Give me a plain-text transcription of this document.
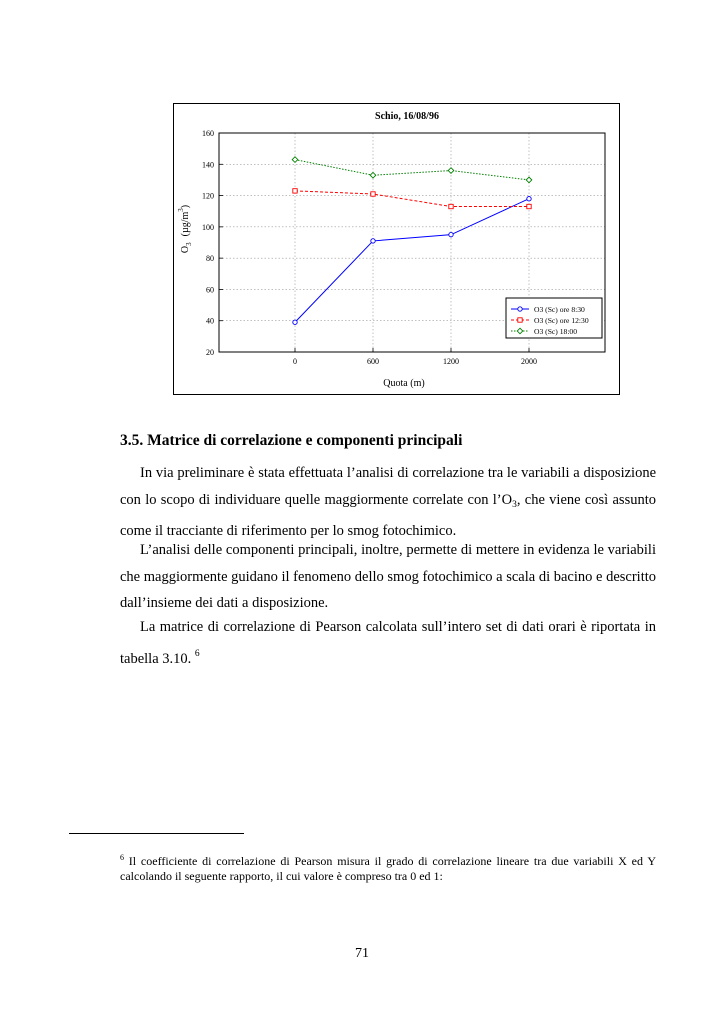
Schio, 16/08/96
20
40
60
80
100
120
140
160
0	600	1200	2000
Quota (m)
$O_3(\mu g/m^3)$
O3 (Sc) ore 8:30
O3 (Sc) ore 12:30
O3 (Sc) 18:00
3.5. Matrice di correlazione e componenti principali

In via preliminare è stata effettuata l’analisi di correlazione tra le variabili a disposizione con lo scopo di individuare quelle maggiormente correlate con $l’O_3$, che viene così assunto come il tracciante di riferimento per lo smog fotochimico.

L’analisi delle componenti principali, inoltre, permette di mettere in evidenza le variabili che maggiormente guidano il fenomeno dello smog fotochimico a scala di bacino e descritto dall’insieme dei dati a disposizione.

La matrice di correlazione di Pearson calcolata sull’intero set di dati orari è riportata in tabella 3.10. $^6$

$^6$ Il coefficiente di correlazione di Pearson misura il grado di correlazione lineare tra due variabili X ed Y calcolando il seguente rapporto, il cui valore è compreso tra 0 ed 1:

71
